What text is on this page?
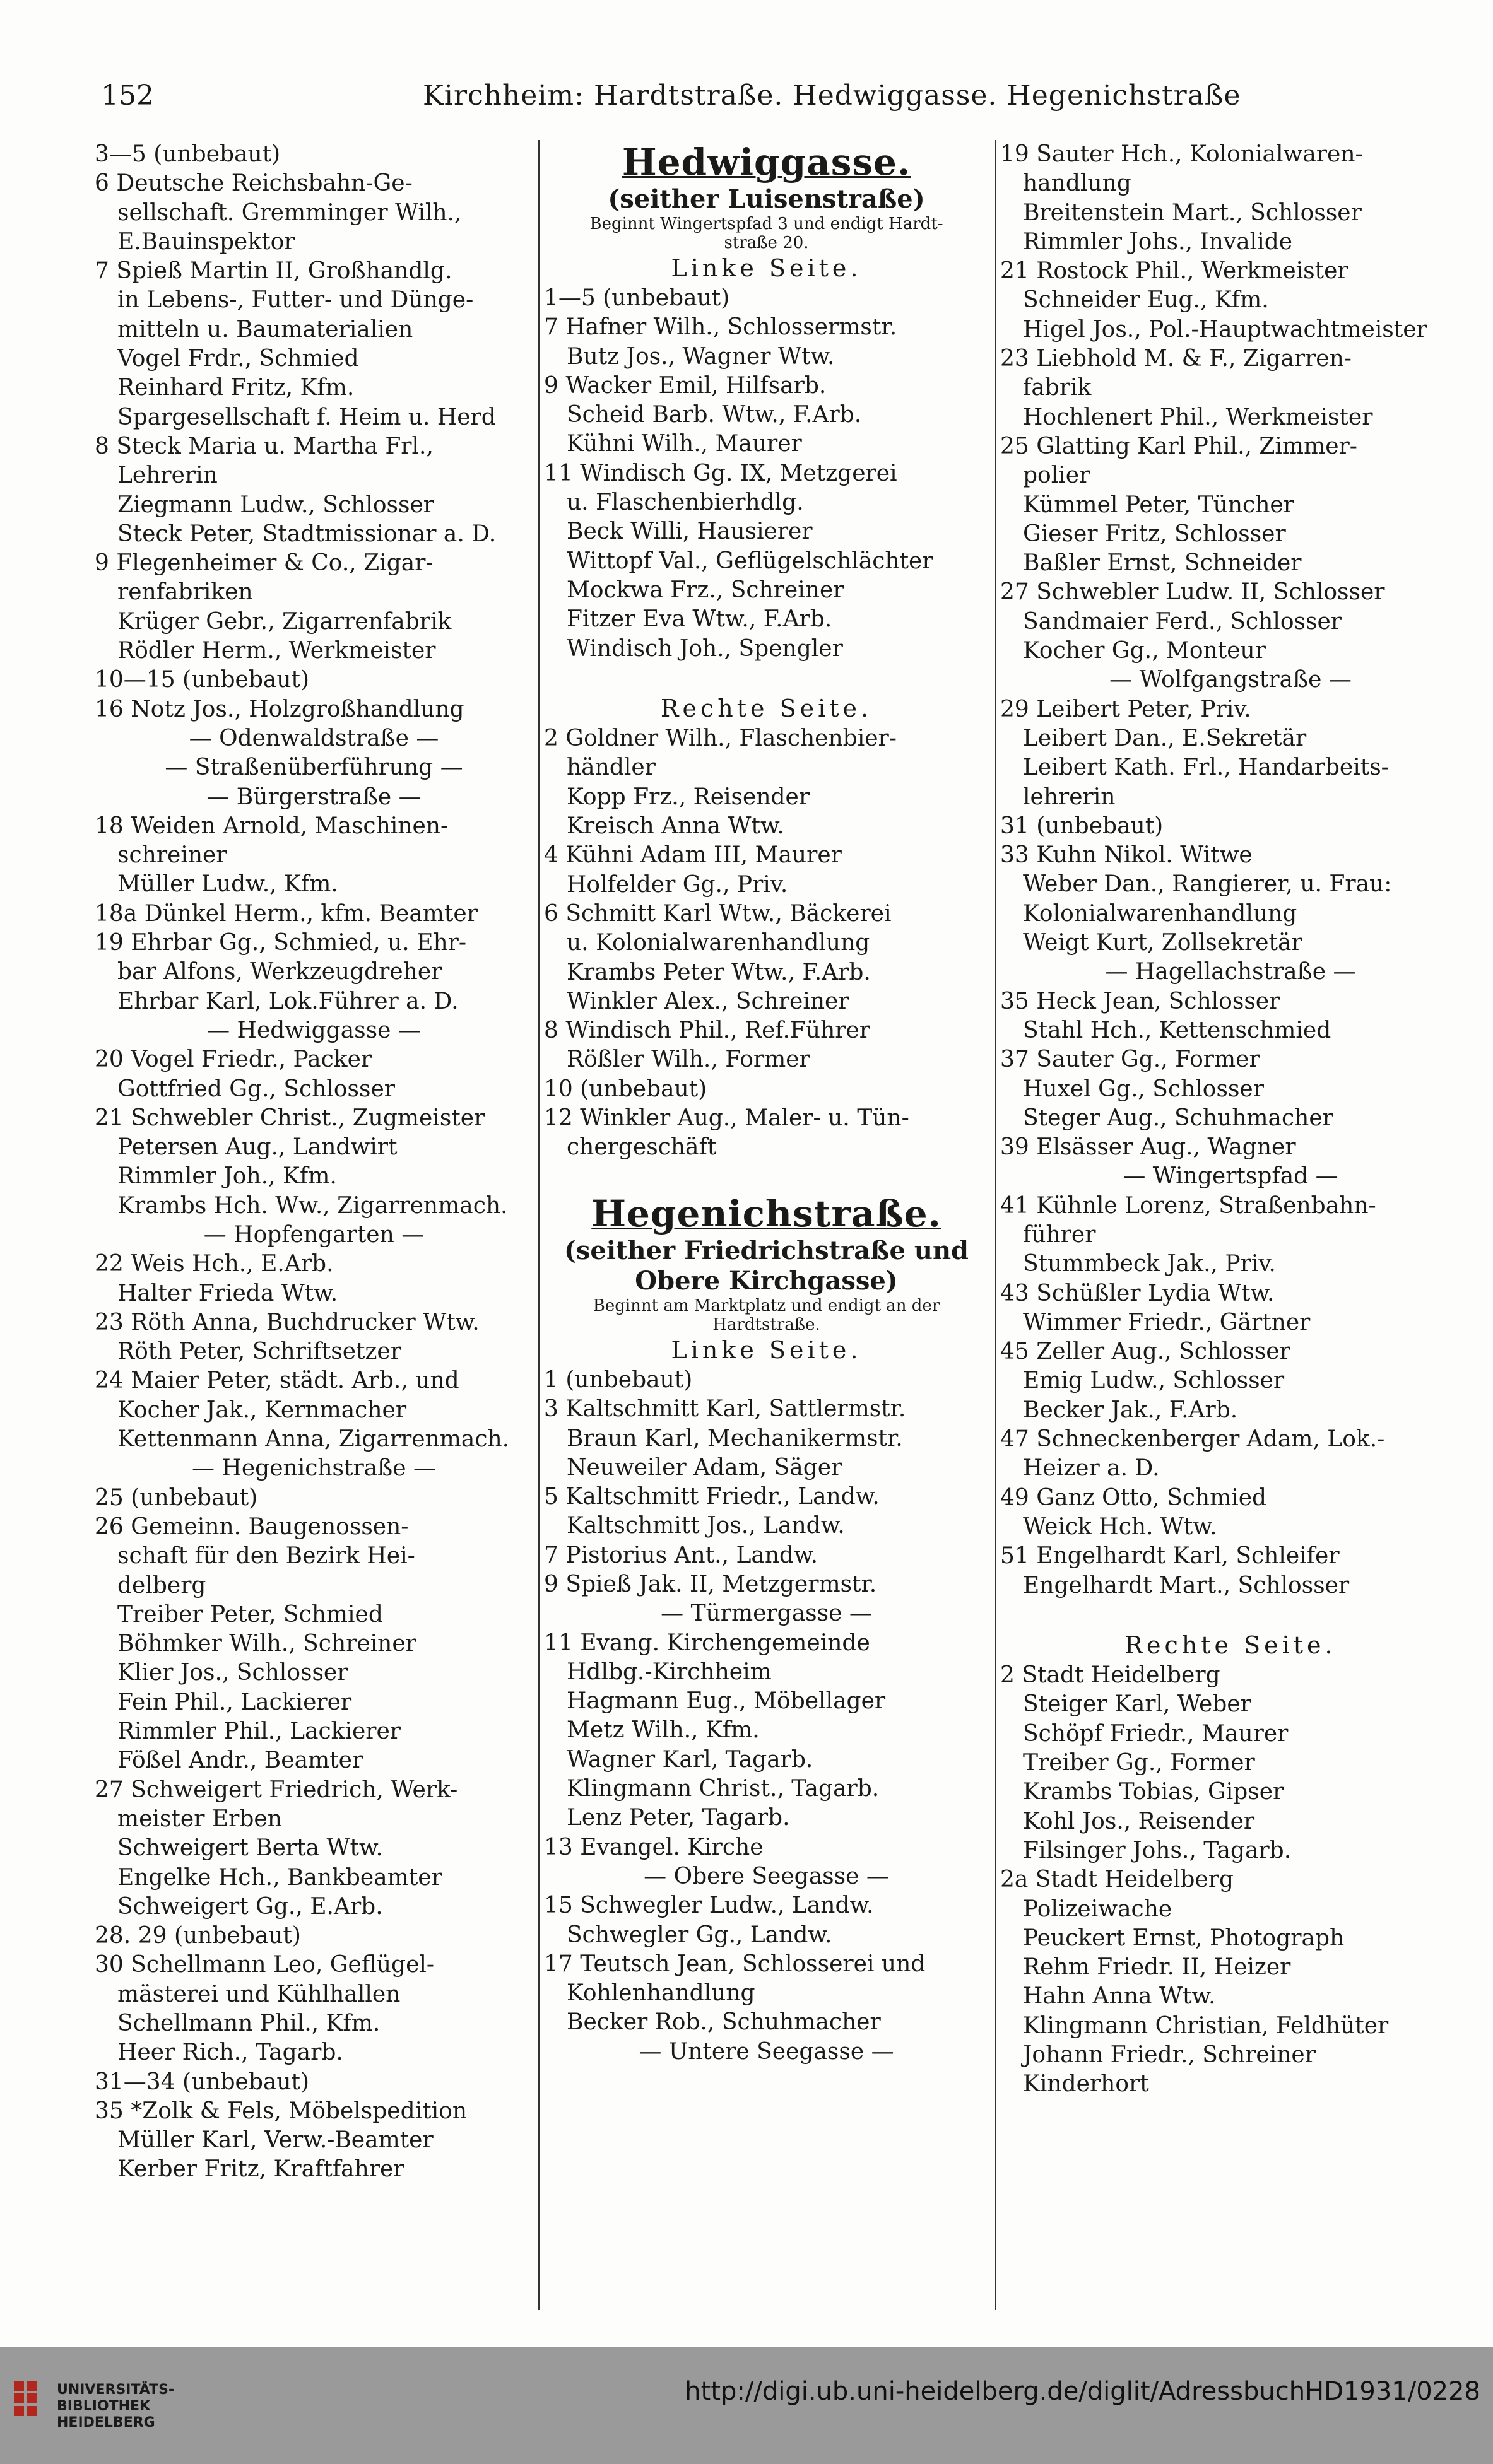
152	Kirchheim: Hardtstraße. Hedwiggasse. Hegenichstraße
3—5 (unbebaut)
6 Deutsche Reichsbahn-Ge-
sellschaft. Gremminger Wilh.,
E.Bauinspektor
7 Spieß Martin II, Großhandlg.
in Lebens-, Futter- und Dünge-
mitteln u. Baumaterialien
Vogel Frdr., Schmied
Reinhard Fritz, Kfm.
Spargesellschaft f. Heim u. Herd
8 Steck Maria u. Martha Frl.,
Lehrerin
Ziegmann Ludw., Schlosser
Steck Peter, Stadtmissionar a. D.
9 Flegenheimer & Co., Zigar-
renfabriken
Krüger Gebr., Zigarrenfabrik
Rödler Herm., Werkmeister
10—15 (unbebaut)
16 Notz Jos., Holzgroßhandlung
— Odenwaldstraße —
— Straßenüberführung —
— Bürgerstraße —
18 Weiden Arnold, Maschinen-
schreiner
Müller Ludw., Kfm.
18a Dünkel Herm., kfm. Beamter
19 Ehrbar Gg., Schmied, u. Ehr-
bar Alfons, Werkzeugdreher
Ehrbar Karl, Lok.Führer a. D.
— Hedwiggasse —
20 Vogel Friedr., Packer
Gottfried Gg., Schlosser
21 Schwebler Christ., Zugmeister
Petersen Aug., Landwirt
Rimmler Joh., Kfm.
Krambs Hch. Ww., Zigarrenmach.
— Hopfengarten —
22 Weis Hch., E.Arb.
Halter Frieda Wtw.
23 Röth Anna, Buchdrucker Wtw.
Röth Peter, Schriftsetzer
24 Maier Peter, städt. Arb., und
Kocher Jak., Kernmacher
Kettenmann Anna, Zigarrenmach.
— Hegenichstraße —
25 (unbebaut)
26 Gemeinn. Baugenossen-
schaft für den Bezirk Hei-
delberg
Treiber Peter, Schmied
Böhmker Wilh., Schreiner
Klier Jos., Schlosser
Fein Phil., Lackierer
Rimmler Phil., Lackierer
Fößel Andr., Beamter
27 Schweigert Friedrich, Werk-
meister Erben
Schweigert Berta Wtw.
Engelke Hch., Bankbeamter
Schweigert Gg., E.Arb.
28. 29 (unbebaut)
30 Schellmann Leo, Geflügel-
mästerei und Kühlhallen
Schellmann Phil., Kfm.
Heer Rich., Tagarb.
31—34 (unbebaut)
35 *Zolk & Fels, Möbelspedition
Müller Karl, Verw.-Beamter
Kerber Fritz, Kraftfahrer
Hedwiggasse.
(seither Luisenstraße)
Beginnt Wingertspfad 3 und endigt Hardt-
straße 20.
Linke Seite.
1—5 (unbebaut)
7 Hafner Wilh., Schlossermstr.
Butz Jos., Wagner Wtw.
9 Wacker Emil, Hilfsarb.
Scheid Barb. Wtw., F.Arb.
Kühni Wilh., Maurer
11 Windisch Gg. IX, Metzgerei
u. Flaschenbierhdlg.
Beck Willi, Hausierer
Wittopf Val., Geflügelschlächter
Mockwa Frz., Schreiner
Fitzer Eva Wtw., F.Arb.
Windisch Joh., Spengler
Rechte Seite.
2 Goldner Wilh., Flaschenbier-
händler
Kopp Frz., Reisender
Kreisch Anna Wtw.
4 Kühni Adam III, Maurer
Holfelder Gg., Priv.
6 Schmitt Karl Wtw., Bäckerei
u. Kolonialwarenhandlung
Krambs Peter Wtw., F.Arb.
Winkler Alex., Schreiner
8 Windisch Phil., Ref.Führer
Rößler Wilh., Former
10 (unbebaut)
12 Winkler Aug., Maler- u. Tün-
chergeschäft
Hegenichstraße.
(seither Friedrichstraße und
Obere Kirchgasse)
Beginnt am Marktplatz und endigt an der
Hardtstraße.
Linke Seite.
1 (unbebaut)
3 Kaltschmitt Karl, Sattlermstr.
Braun Karl, Mechanikermstr.
Neuweiler Adam, Säger
5 Kaltschmitt Friedr., Landw.
Kaltschmitt Jos., Landw.
7 Pistorius Ant., Landw.
9 Spieß Jak. II, Metzgermstr.
— Türmergasse —
11 Evang. Kirchengemeinde
Hdlbg.-Kirchheim
Hagmann Eug., Möbellager
Metz Wilh., Kfm.
Wagner Karl, Tagarb.
Klingmann Christ., Tagarb.
Lenz Peter, Tagarb.
13 Evangel. Kirche
— Obere Seegasse —
15 Schwegler Ludw., Landw.
Schwegler Gg., Landw.
17 Teutsch Jean, Schlosserei und
Kohlenhandlung
Becker Rob., Schuhmacher
— Untere Seegasse —
19 Sauter Hch., Kolonialwaren-
handlung
Breitenstein Mart., Schlosser
Rimmler Johs., Invalide
21 Rostock Phil., Werkmeister
Schneider Eug., Kfm.
Higel Jos., Pol.-Hauptwachtmeister
23 Liebhold M. & F., Zigarren-
fabrik
Hochlenert Phil., Werkmeister
25 Glatting Karl Phil., Zimmer-
polier
Kümmel Peter, Tüncher
Gieser Fritz, Schlosser
Baßler Ernst, Schneider
27 Schwebler Ludw. II, Schlosser
Sandmaier Ferd., Schlosser
Kocher Gg., Monteur
— Wolfgangstraße —
29 Leibert Peter, Priv.
Leibert Dan., E.Sekretär
Leibert Kath. Frl., Handarbeits-
lehrerin
31 (unbebaut)
33 Kuhn Nikol. Witwe
Weber Dan., Rangierer, u. Frau:
Kolonialwarenhandlung
Weigt Kurt, Zollsekretär
— Hagellachstraße —
35 Heck Jean, Schlosser
Stahl Hch., Kettenschmied
37 Sauter Gg., Former
Huxel Gg., Schlosser
Steger Aug., Schuhmacher
39 Elsässer Aug., Wagner
— Wingertspfad —
41 Kühnle Lorenz, Straßenbahn-
führer
Stummbeck Jak., Priv.
43 Schüßler Lydia Wtw.
Wimmer Friedr., Gärtner
45 Zeller Aug., Schlosser
Emig Ludw., Schlosser
Becker Jak., F.Arb.
47 Schneckenberger Adam, Lok.-
Heizer a. D.
49 Ganz Otto, Schmied
Weick Hch. Wtw.
51 Engelhardt Karl, Schleifer
Engelhardt Mart., Schlosser
Rechte Seite.
2 Stadt Heidelberg
Steiger Karl, Weber
Schöpf Friedr., Maurer
Treiber Gg., Former
Krambs Tobias, Gipser
Kohl Jos., Reisender
Filsinger Johs., Tagarb.
2a Stadt Heidelberg
Polizeiwache
Peuckert Ernst, Photograph
Rehm Friedr. II, Heizer
Hahn Anna Wtw.
Klingmann Christian, Feldhüter
Johann Friedr., Schreiner
Kinderhort
UNIVERSITÄTS-
BIBLIOTHEK
HEIDELBERG
http://digi.ub.uni-heidelberg.de/diglit/AdressbuchHD1931/0228
